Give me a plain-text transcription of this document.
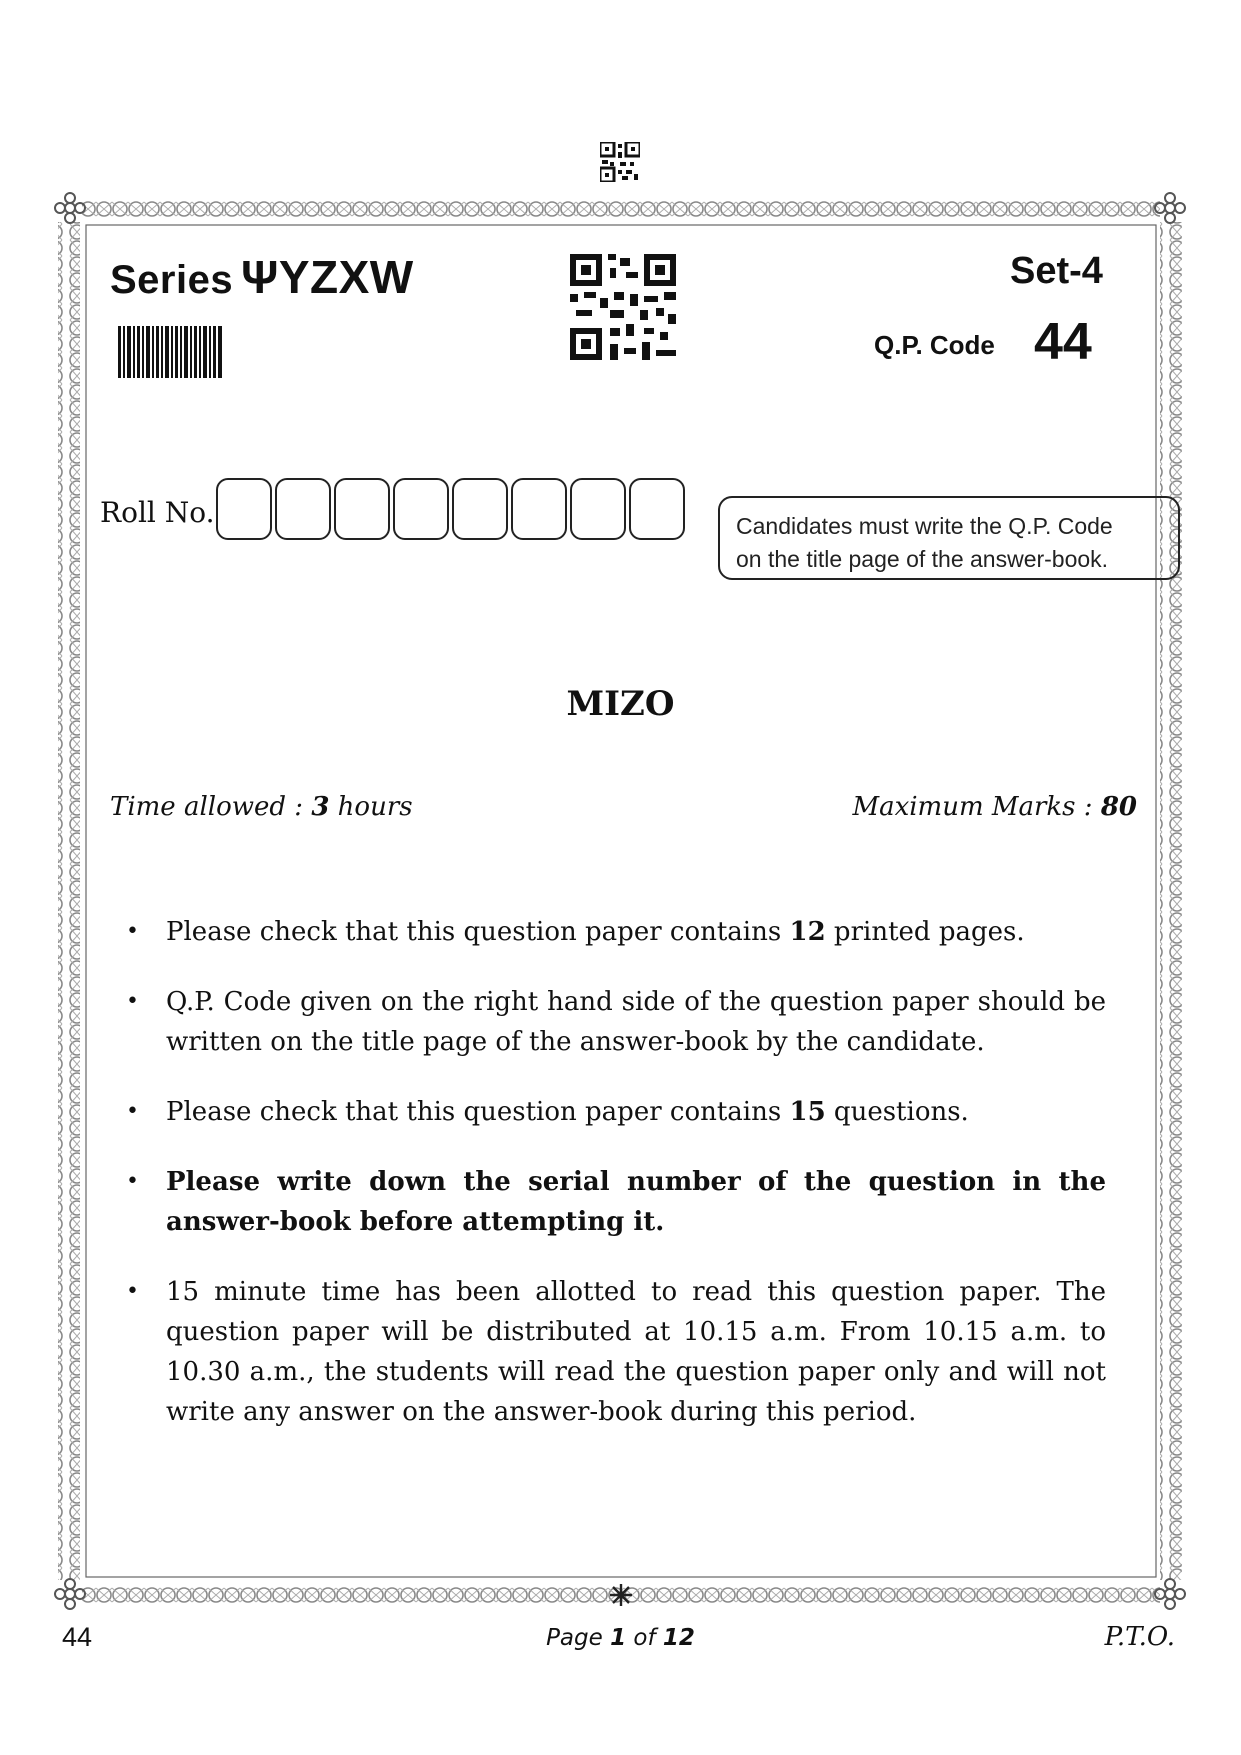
Series ΨYZXW	Set-4
Q.P. Code 44
Roll No.	Candidates must write the Q.P. Code
on the title page of the answer-book.
MIZO
Time allowed : 3 hours	Maximum Marks : 80
• Please check that this question paper contains 12 printed pages.
• Q.P. Code given on the right hand side of the question paper should be written on the title page of the answer-book by the candidate.
• Please check that this question paper contains 15 questions.
• Please write down the serial number of the question in the answer-book before attempting it.
• 15 minute time has been allotted to read this question paper. The question paper will be distributed at 10.15 a.m. From 10.15 a.m. to 10.30 a.m., the students will read the question paper only and will not write any answer on the answer-book during this period.
44	Page 1 of 12	P.T.O.
